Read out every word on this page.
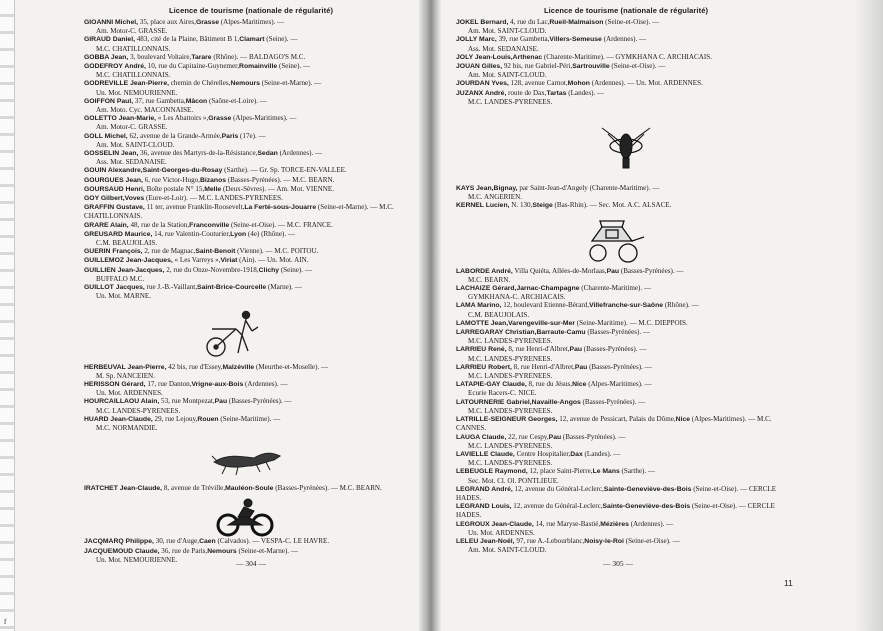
Licence de tourisme (nationale de régularité)
GIOANNI Michel, 35, place aux Aires,Grasse (Alpes-Maritimes). —
Am. Motor-C. GRASSE.
GIRAUD Daniel, 483, cité de la Plaine, Bâtiment B 1,Clamart (Seine). —
M.C. CHATILLONNAIS.
GOBBA Jean, 3, boulevard Voltaire,Tarare (Rhône). — BALDAGO'S M.C.
GODEFROY André, 10, rue du Capitaine-Guynemer,Romainville (Seine). —
M.C. CHATILLONNAIS.
GODREVILLE Jean-Pierre, chemin de Chérelles,Nemours (Seine-et-Marne). —
Un. Mot. NEMOURIENNE.
GOIFFON Paul, 37, rue Gambetta,Mâcon (Saône-et-Loire). —
Am. Moto. Cyc. MACONNAISE.
GOLETTO Jean-Marie, « Les Abattoirs »,Grasse (Alpes-Maritimes). —
Am. Motor-C. GRASSE.
GOLL Michel, 62, avenue de la Grande-Armée,Paris (17e). —
Am. Mot. SAINT-CLOUD.
GOSSELIN Jean, 36, avenue des Martyrs-de-la-Résistance,Sedan (Ardennes). —
Ass. Mot. SEDANAISE.
GOUIN Alexandre,Saint-Georges-du-Rosay (Sarthe). — Gr. Sp. TORCE-EN-VALLEE.
GOURGUES Jean, 6, rue Victor-Hugo,Bizanos (Basses-Pyrénées). — M.C. BEARN.
GOURSAUD Henri, Boîte postale N° 15,Melle (Deux-Sèvres). — Am. Mot. VIENNE.
GOY Gilbert,Voves (Eure-et-Loir). — M.C. LANDES-PYRENEES.
GRAFFIN Gustave, 11 ter, avenue Franklin-Roosevelt,La Ferté-sous-Jouarre (Seine-et-Marne). — M.C. CHATILLONNAIS.
GRARE Alain, 48, rue de la Station,Franconville (Seine-et-Oise). — M.C. FRANCE.
GREUSARD Maurice, 14, rue Valentin-Couturier,Lyon (4e) (Rhône). —
C.M. BEAUJOLAIS.
GUERIN François, 2, rue de Magnac,Saint-Benoit (Vienne). — M.C. POITOU.
GUILLEMOZ Jean-Jacques, « Les Varreys »,Viriat (Ain). — Un. Mot. AIN.
GUILLIEN Jean-Jacques, 2, rue du Onze-Novembre-1918,Clichy (Seine). —
BUFFALO M.C.
GUILLOT Jacques, rue J.-B.-Vaillant,Saint-Brice-Courcelle (Marne). —
Un. Mot. MARNE.
HERBEUVAL Jean-Pierre, 42 bis, rue d'Essey,Malzéville (Meurthe-et-Moselle). —
M. Sp. NANCEIEN.
HERISSON Gérard, 17, rue Danton,Vrigne-aux-Bois (Ardennes). —
Un. Mot. ARDENNES.
HOURCAILLAOU Alain, 53, rue Montpezat,Pau (Basses-Pyrénées). —
M.C. LANDES-PYRENEES.
HUARD Jean-Claude, 29, rue Lejouy,Rouen (Seine-Maritime). —
M.C. NORMANDIE.
IRATCHET Jean-Claude, 8, avenue de Tréville,Mauléon-Soule (Basses-Pyrénées). — M.C. BEARN.
JACQMARQ Philippe, 30, rue d'Auge,Caen (Calvados). — VESPA-C. LE HAVRE.
JACQUEMOUD Claude, 36, rue de Paris,Nemours (Seine-et-Marne). —
Un. Mot. NEMOURIENNE.	— 304 —
Licence de tourisme (nationale de régularité)
JOKEL Bernard, 4, rue du Lac,Rueil-Malmaison (Seine-et-Oise). —
Am. Mot. SAINT-CLOUD.
JOLLY Marc, 39, rue Gambetta,Villers-Semeuse (Ardennes). —
Ass. Mot. SEDANAISE.
JOLY Jean-Louis,Arthenac (Charente-Maritime). — GYMKHANA C. ARCHIACAIS.
JOUAN Gilles, 92 bis, rue Gabriel-Péri,Sartrouville (Seine-et-Oise). —
Am. Mot. SAINT-CLOUD.
JOURDAN Yves, 128, avenue Carnot,Mohon (Ardennes). — Un. Mot. ARDENNES.
JUZANX André, route de Dax,Tartas (Landes). —
M.C. LANDES-PYRENEES.
KAYS Jean,Bignay, par Saint-Jean-d'Angely (Charente-Maritime). —
M.C. ANGERIEN.
KERNEL Lucien, N. 130,Steige (Bas-Rhin). — Sec. Mot. A.C. ALSACE.
LABORDE André, Villa Quiéta, Allées-de-Morlaas,Pau (Basses-Pyrénées). —
M.C. BEARN.
LACHAIZE Gérard,Jarnac-Champagne (Charente-Maritime). —
GYMKHANA-C. ARCHIACAIS.
LAMA Marino, 12, boulevard Etienne-Bérard,Villefranche-sur-Saône (Rhône). —
C.M. BEAUJOLAIS.
LAMOTTE Jean,Varengeville-sur-Mer (Seine-Maritime). — M.C. DIEPPOIS.
LARREGARAY Christian,Barraute-Camu (Basses-Pyrénées). —
M.C. LANDES-PYRENEES.
LARRIEU René, 8, rue Henri-d'Albret,Pau (Basses-Pyrénées). —
M.C. LANDES-PYRENEES.
LARRIEU Robert, 8, rue Henri-d'Albret,Pau (Basses-Pyrénées). —
M.C. LANDES-PYRENEES.
LATAPIE-GAY Claude, 8, rue du Jésus,Nice (Alpes-Maritimes). —
Ecurie Racers-C. NICE.
LATOURNERIE Gabriel,Navaille-Angos (Basses-Pyrénées). —
M.C. LANDES-PYRENEES.
LATRILLE-SEIGNEUR Georges, 12, avenue de Pessicart, Palais du Dôme,Nice (Alpes-Maritimes). — M.C. CANNES.
LAUGA Claude, 22, rue Cespy,Pau (Basses-Pyrénées). —
M.C. LANDES-PYRENEES.
LAVIELLE Claude, Centre Hospitalier,Dax (Landes). —
M.C. LANDES-PYRENEES.
LEBEUGLE Raymond, 12, place Saint-Pierre,Le Mans (Sarthe). —
Sec. Mot. Cl. Ol. PONTLIEUE.
LEGRAND André, 12, avenue du Général-Leclerc,Sainte-Geneviève-des-Bois (Seine-et-Oise). — CERCLE HADES.
LEGRAND Louis, 12, avenue du Général-Leclerc,Sainte-Geneviève-des-Bois (Seine-et-Oise). — CERCLE HADES.
LEGROUX Jean-Claude, 14, rue Maryse-Bastié,Mézières (Ardennes). —
Un. Mot. ARDENNES.
LELEU Jean-Noël, 97, rue A.-Lebourblanc,Noisy-le-Roi (Seine-et-Oise). —
Am. Mot. SAINT-CLOUD.
— 305 —
11
f
